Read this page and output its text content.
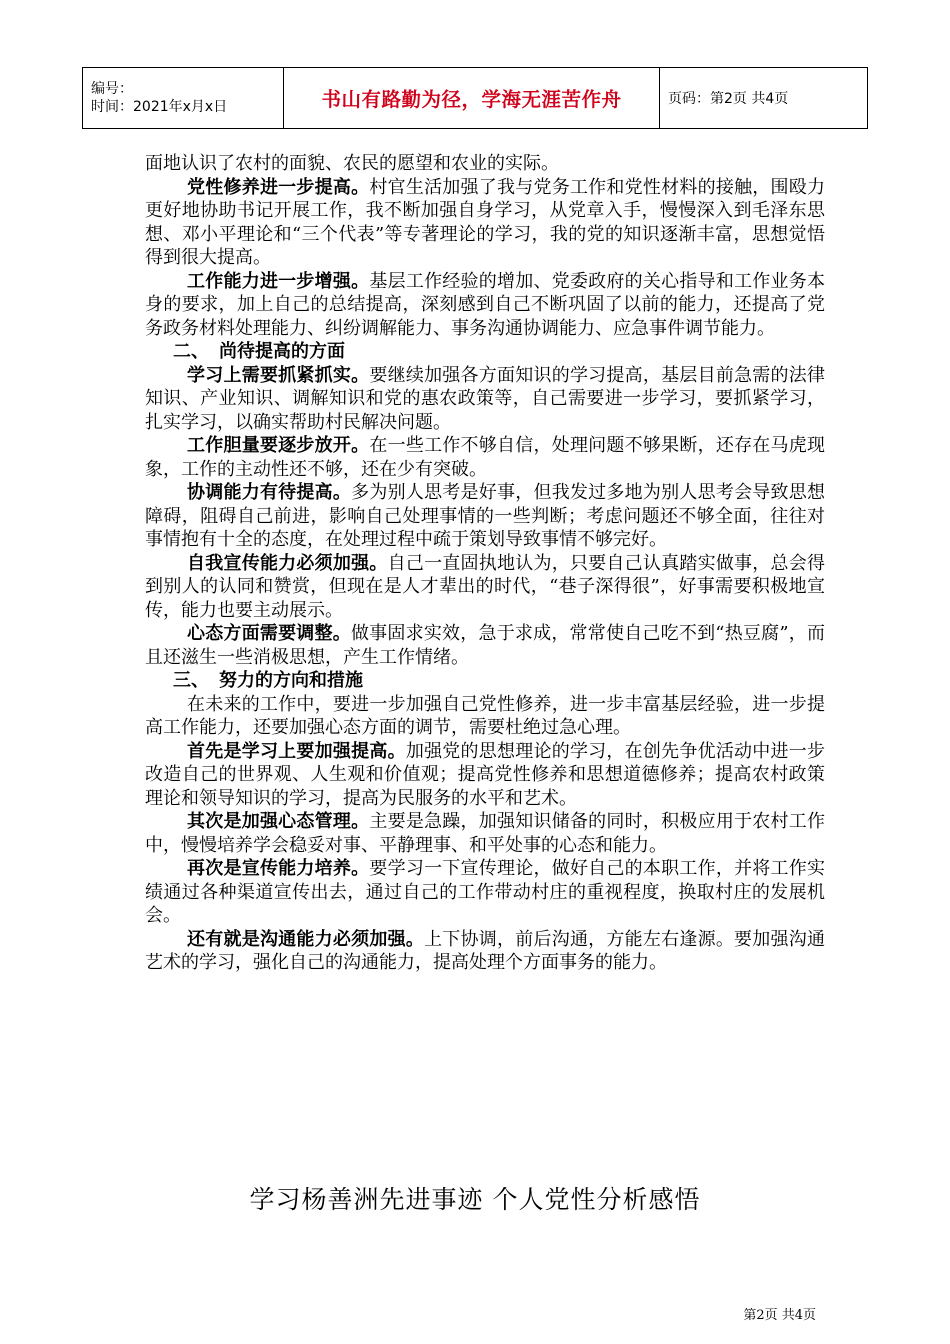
编号：
时间：2021年x月x日	书山有路勤为径，学海无涯苦作舟	页码：第2页 共4页

面地认识了农村的面貌、农民的愿望和农业的实际。

党性修养进一步提高。村官生活加强了我与党务工作和党性材料的接触，围殴力更好地协助书记开展工作，我不断加强自身学习，从党章入手，慢慢深入到毛泽东思想、邓小平理论和“三个代表”等专著理论的学习，我的党的知识逐渐丰富，思想觉悟得到很大提高。

工作能力进一步增强。基层工作经验的增加、党委政府的关心指导和工作业务本身的要求，加上自己的总结提高，深刻感到自己不断巩固了以前的能力，还提高了党务政务材料处理能力、纠纷调解能力、事务沟通协调能力、应急事件调节能力。

二、 尚待提高的方面

学习上需要抓紧抓实。要继续加强各方面知识的学习提高，基层目前急需的法律知识、产业知识、调解知识和党的惠农政策等，自己需要进一步学习，要抓紧学习，扎实学习，以确实帮助村民解决问题。

工作胆量要逐步放开。在一些工作不够自信，处理问题不够果断，还存在马虎现象，工作的主动性还不够，还在少有突破。

协调能力有待提高。多为别人思考是好事，但我发过多地为别人思考会导致思想障碍，阻碍自己前进，影响自己处理事情的一些判断；考虑问题还不够全面，往往对事情抱有十全的态度，在处理过程中疏于策划导致事情不够完好。

自我宣传能力必须加强。自己一直固执地认为，只要自己认真踏实做事，总会得到别人的认同和赞赏，但现在是人才辈出的时代，“巷子深得很”，好事需要积极地宣传，能力也要主动展示。

心态方面需要调整。做事固求实效，急于求成，常常使自己吃不到“热豆腐”，而且还滋生一些消极思想，产生工作情绪。

三、 努力的方向和措施

在未来的工作中，要进一步加强自己党性修养，进一步丰富基层经验，进一步提高工作能力，还要加强心态方面的调节，需要杜绝过急心理。

首先是学习上要加强提高。加强党的思想理论的学习，在创先争优活动中进一步改造自己的世界观、人生观和价值观；提高党性修养和思想道德修养；提高农村政策理论和领导知识的学习，提高为民服务的水平和艺术。

其次是加强心态管理。主要是急躁，加强知识储备的同时，积极应用于农村工作中，慢慢培养学会稳妥对事、平静理事、和平处事的心态和能力。

再次是宣传能力培养。要学习一下宣传理论，做好自己的本职工作，并将工作实绩通过各种渠道宣传出去，通过自己的工作带动村庄的重视程度，换取村庄的发展机会。

还有就是沟通能力必须加强。上下协调，前后沟通，方能左右逢源。要加强沟通艺术的学习，强化自己的沟通能力，提高处理个方面事务的能力。

学习杨善洲先进事迹 个人党性分析感悟
第2页 共4页
